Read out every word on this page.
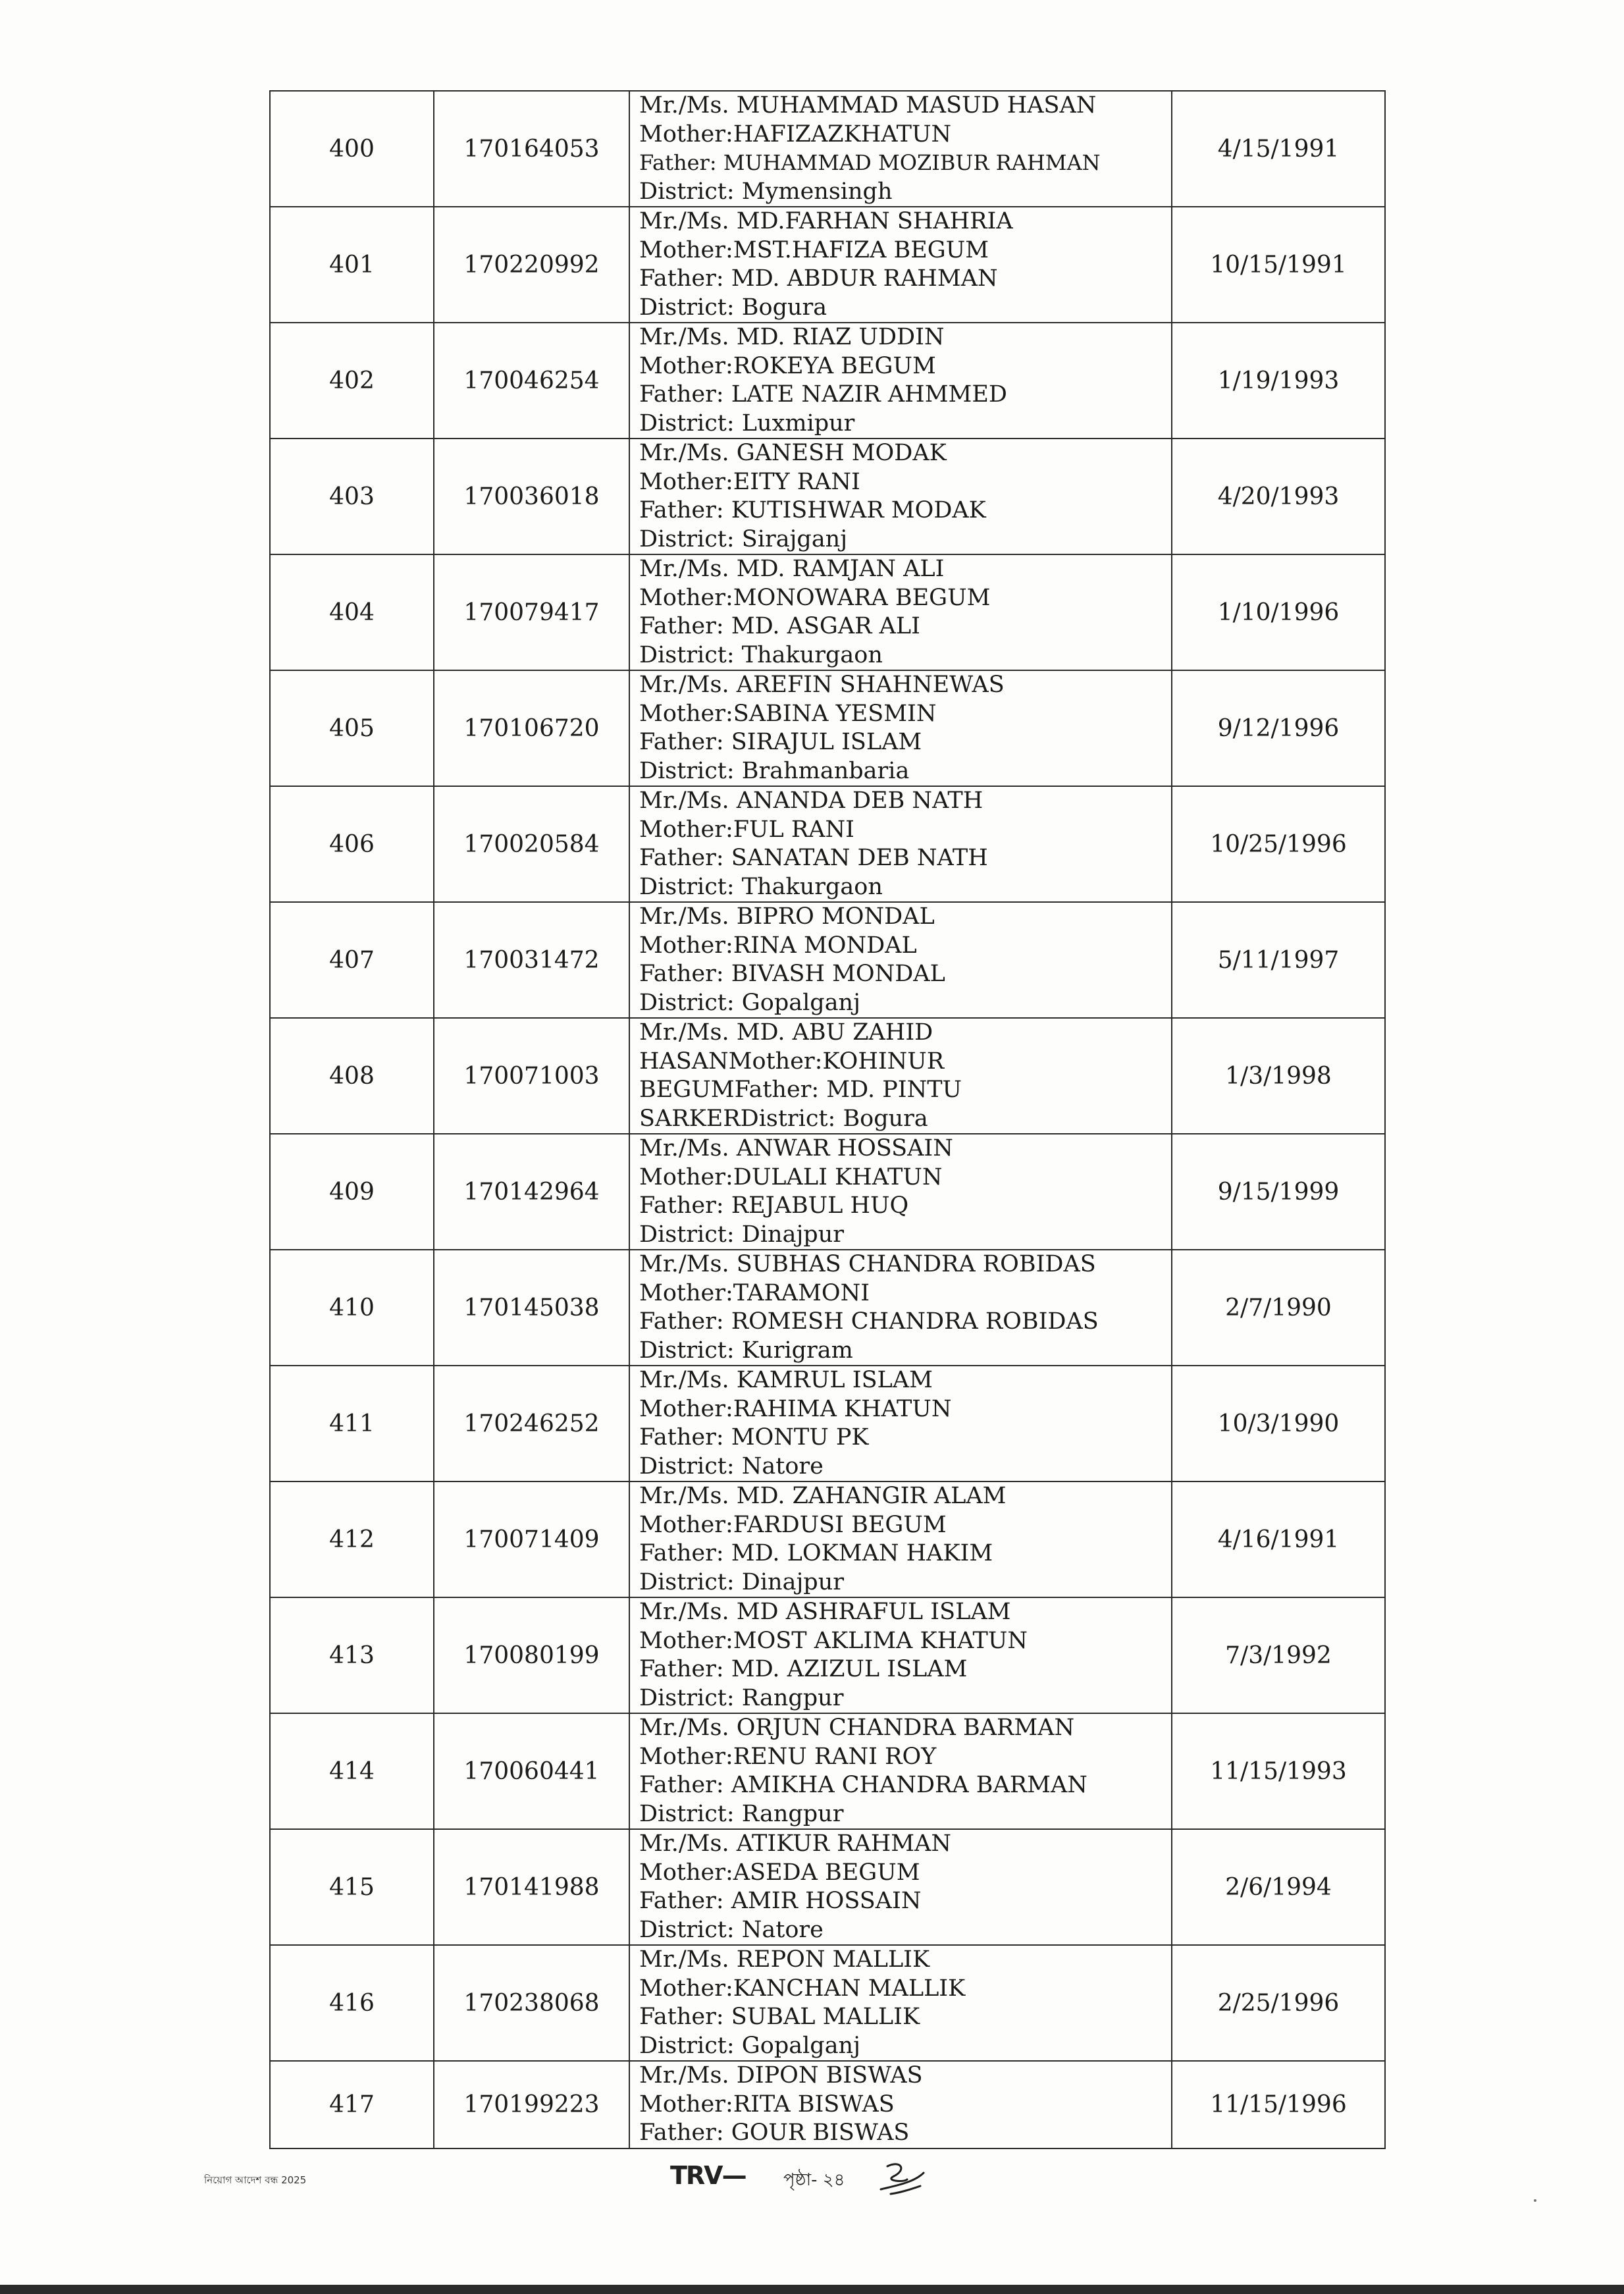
400	170164053	Mr./Ms. MUHAMMAD MASUD HASAN
Mother:HAFIZAZKHATUN
Father: MUHAMMAD MOZIBUR RAHMAN
District: Mymensingh	4/15/1991
401	170220992	Mr./Ms. MD.FARHAN SHAHRIA
Mother:MST.HAFIZA BEGUM
Father: MD. ABDUR RAHMAN
District: Bogura	10/15/1991
402	170046254	Mr./Ms. MD. RIAZ UDDIN
Mother:ROKEYA BEGUM
Father: LATE NAZIR AHMMED
District: Luxmipur	1/19/1993
403	170036018	Mr./Ms. GANESH MODAK
Mother:EITY RANI
Father: KUTISHWAR MODAK
District: Sirajganj	4/20/1993
404	170079417	Mr./Ms. MD. RAMJAN ALI
Mother:MONOWARA BEGUM
Father: MD. ASGAR ALI
District: Thakurgaon	1/10/1996
405	170106720	Mr./Ms. AREFIN SHAHNEWAS
Mother:SABINA YESMIN
Father: SIRAJUL ISLAM
District: Brahmanbaria	9/12/1996
406	170020584	Mr./Ms. ANANDA DEB NATH
Mother:FUL RANI
Father: SANATAN DEB NATH
District: Thakurgaon	10/25/1996
407	170031472	Mr./Ms. BIPRO MONDAL
Mother:RINA MONDAL
Father: BIVASH MONDAL
District: Gopalganj	5/11/1997
408	170071003	Mr./Ms. MD. ABU ZAHID
HASANMother:KOHINUR
BEGUMFather: MD. PINTU
SARKERDistrict: Bogura	1/3/1998
409	170142964	Mr./Ms. ANWAR HOSSAIN
Mother:DULALI KHATUN
Father: REJABUL HUQ
District: Dinajpur	9/15/1999
410	170145038	Mr./Ms. SUBHAS CHANDRA ROBIDAS
Mother:TARAMONI
Father: ROMESH CHANDRA ROBIDAS
District: Kurigram	2/7/1990
411	170246252	Mr./Ms. KAMRUL ISLAM
Mother:RAHIMA KHATUN
Father: MONTU PK
District: Natore	10/3/1990
412	170071409	Mr./Ms. MD. ZAHANGIR ALAM
Mother:FARDUSI BEGUM
Father: MD. LOKMAN HAKIM
District: Dinajpur	4/16/1991
413	170080199	Mr./Ms. MD ASHRAFUL ISLAM
Mother:MOST AKLIMA KHATUN
Father: MD. AZIZUL ISLAM
District: Rangpur	7/3/1992
414	170060441	Mr./Ms. ORJUN CHANDRA BARMAN
Mother:RENU RANI ROY
Father: AMIKHA CHANDRA BARMAN
District: Rangpur	11/15/1993
415	170141988	Mr./Ms. ATIKUR RAHMAN
Mother:ASEDA BEGUM
Father: AMIR HOSSAIN
District: Natore	2/6/1994
416	170238068	Mr./Ms. REPON MALLIK
Mother:KANCHAN MALLIK
Father: SUBAL MALLIK
District: Gopalganj	2/25/1996
417	170199223	Mr./Ms. DIPON BISWAS
Mother:RITA BISWAS
Father: GOUR BISWAS	11/15/1996
নিয়োগ আদেশ বন্ধ 2025	TRV— পৃষ্ঠা- ২৪
